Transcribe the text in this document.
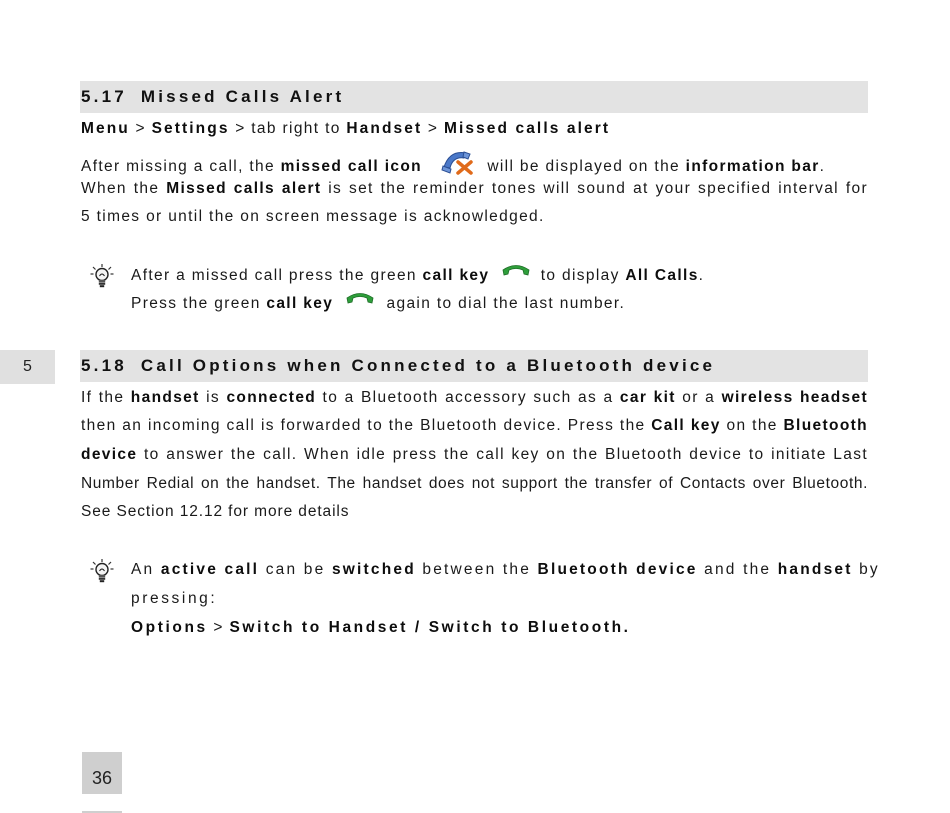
5
5.17 Missed Calls Alert
Menu > Settings > tab right to Handset > Missed calls alert
After missing a call, the missed call icon	will be displayed on the information bar.
When the Missed calls alert is set the reminder tones will sound at your specified interval for
5 times or until the on screen message is acknowledged.
After a missed call press the green call key	to display All Calls.
Press the green call key	again to dial the last number.
5.18 Call Options when Connected to a Bluetooth device
If the handset is connected to a Bluetooth accessory such as a car kit or a wireless headset
then an incoming call is forwarded to the Bluetooth device. Press the Call key on the Bluetooth
device to answer the call. When idle press the call key on the Bluetooth device to initiate Last
Number Redial on the handset. The handset does not support the transfer of Contacts over Bluetooth.
See Section 12.12 for more details
An active call can be switched between the Bluetooth device and the handset by
pressing:
Options > Switch to Handset / Switch to Bluetooth.
36
